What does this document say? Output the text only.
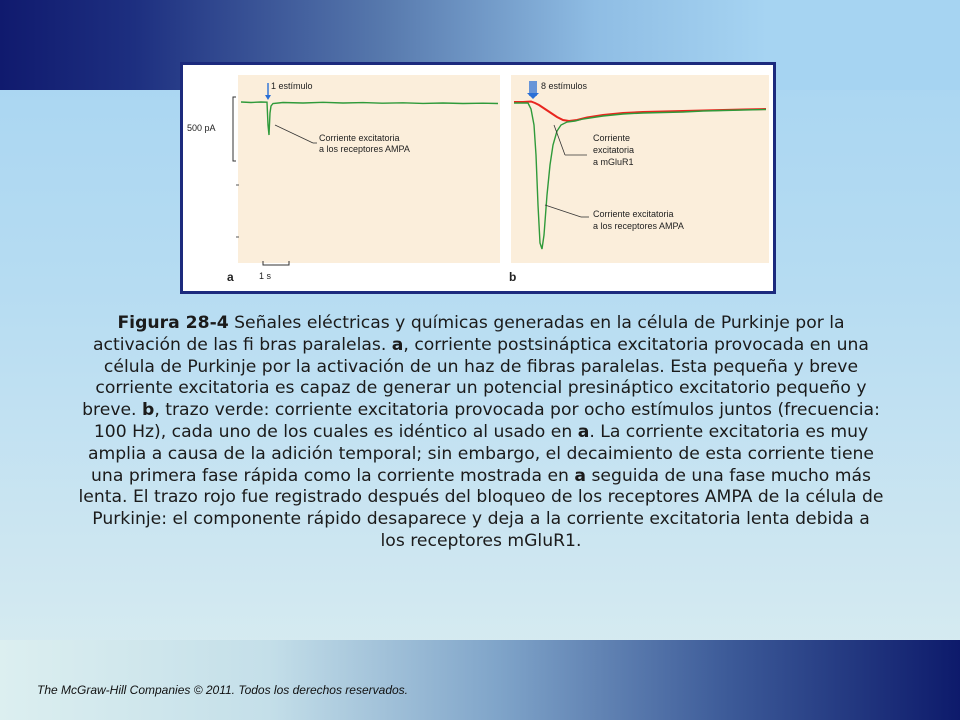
500 pA
1 s
a	b
1 estímulo
Corriente excitatoria
a los receptores AMPA
8 estímulos
Corriente
excitatoria
a mGluR1
Corriente excitatoria
a los receptores AMPA
Figura 28-4 Señales eléctricas y químicas generadas en la célula de Purkinje por la activación de las fi bras paralelas. a, corriente postsináptica excitatoria provocada en una célula de Purkinje por la activación de un haz de fibras paralelas. Esta pequeña y breve corriente excitatoria es capaz de generar un potencial presináptico excitatorio pequeño y breve. b, trazo verde: corriente excitatoria provocada por ocho estímulos juntos (frecuencia: 100 Hz), cada uno de los cuales es idéntico al usado en a. La corriente excitatoria es muy amplia a causa de la adición temporal; sin embargo, el decaimiento de esta corriente tiene una primera fase rápida como la corriente mostrada en a seguida de una fase mucho más lenta. El trazo rojo fue registrado después del bloqueo de los receptores AMPA de la célula de Purkinje: el componente rápido desaparece y deja a la corriente excitatoria lenta debida a los receptores mGluR1.
The McGraw-Hill Companies © 2011. Todos los derechos reservados.
